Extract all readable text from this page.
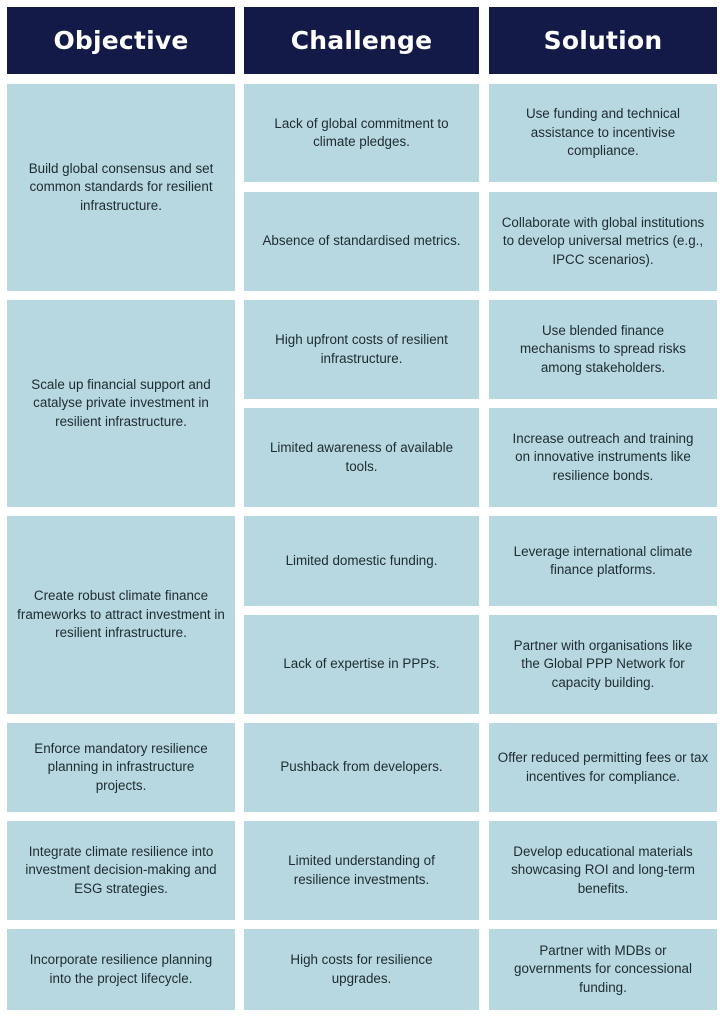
Objective	Challenge	Solution
Build global consensus and set common standards for resilient infrastructure.
Lack of global commitment to climate pledges.
Use funding and technical assistance to incentivise compliance.
Absence of standardised metrics.
Collaborate with global institutions to develop universal metrics (e.g., IPCC scenarios).
Scale up financial support and catalyse private investment in resilient infrastructure.
High upfront costs of resilient infrastructure.
Use blended finance mechanisms to spread risks among stakeholders.
Limited awareness of available tools.
Increase outreach and training on innovative instruments like resilience bonds.
Create robust climate finance frameworks to attract investment in resilient infrastructure.
Limited domestic funding.
Leverage international climate finance platforms.
Lack of expertise in PPPs.
Partner with organisations like the Global PPP Network for capacity building.
Enforce mandatory resilience planning in infrastructure projects.
Pushback from developers.
Offer reduced permitting fees or tax incentives for compliance.
Integrate climate resilience into investment decision-making and ESG strategies.
Limited understanding of resilience investments.
Develop educational materials showcasing ROI and long-term benefits.
Incorporate resilience planning into the project lifecycle.
High costs for resilience upgrades.
Partner with MDBs or governments for concessional funding.
